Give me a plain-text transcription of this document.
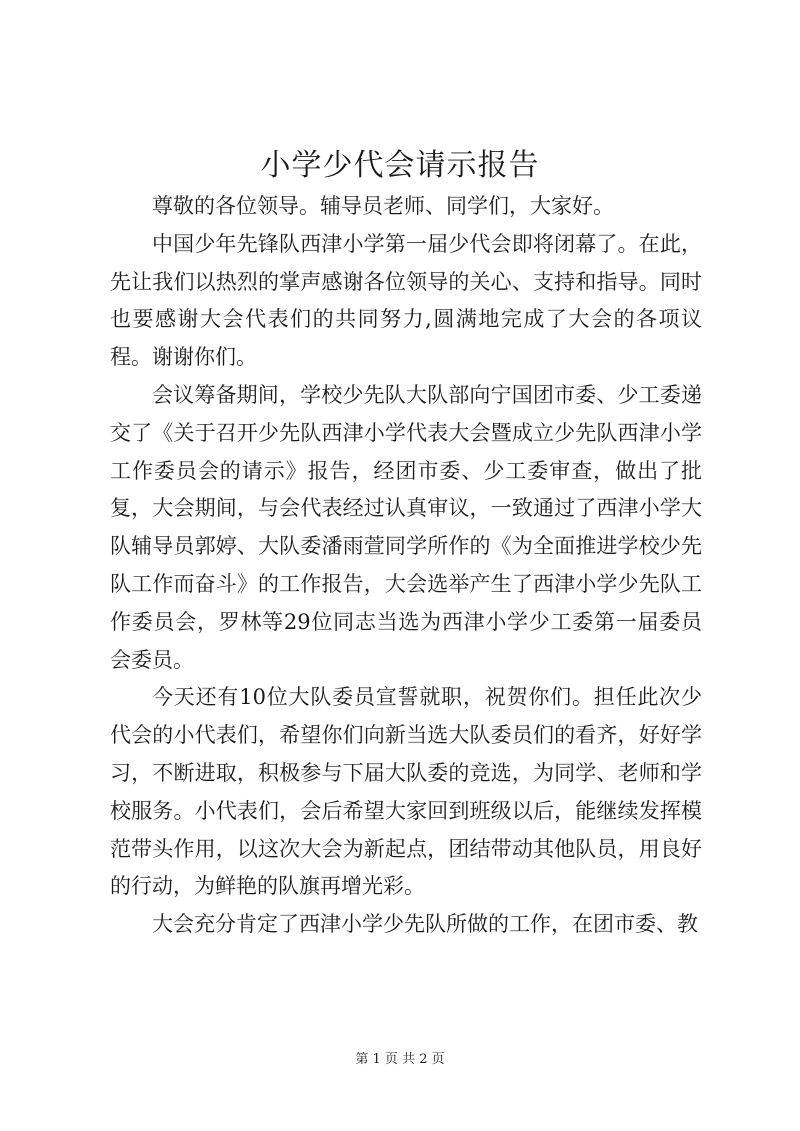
小学少代会请示报告

尊敬的各位领导。辅导员老师、同学们，大家好。

中国少年先锋队西津小学第一届少代会即将闭幕了。在此，先让我们以热烈的掌声感谢各位领导的关心、支持和指导。同时也要感谢大会代表们的共同努力,圆满地完成了大会的各项议程。谢谢你们。

会议筹备期间，学校少先队大队部向宁国团市委、少工委递交了《关于召开少先队西津小学代表大会暨成立少先队西津小学工作委员会的请示》报告，经团市委、少工委审查，做出了批复，大会期间，与会代表经过认真审议，一致通过了西津小学大队辅导员郭婷、大队委潘雨萱同学所作的《为全面推进学校少先队工作而奋斗》的工作报告，大会选举产生了西津小学少先队工作委员会，罗林等29位同志当选为西津小学少工委第一届委员会委员。

今天还有10位大队委员宣誓就职，祝贺你们。担任此次少代会的小代表们，希望你们向新当选大队委员们的看齐，好好学习，不断进取，积极参与下届大队委的竞选，为同学、老师和学校服务。小代表们，会后希望大家回到班级以后，能继续发挥模范带头作用，以这次大会为新起点，团结带动其他队员，用良好的行动，为鲜艳的队旗再增光彩。

大会充分肯定了西津小学少先队所做的工作，在团市委、教

第 1 页 共 2 页
